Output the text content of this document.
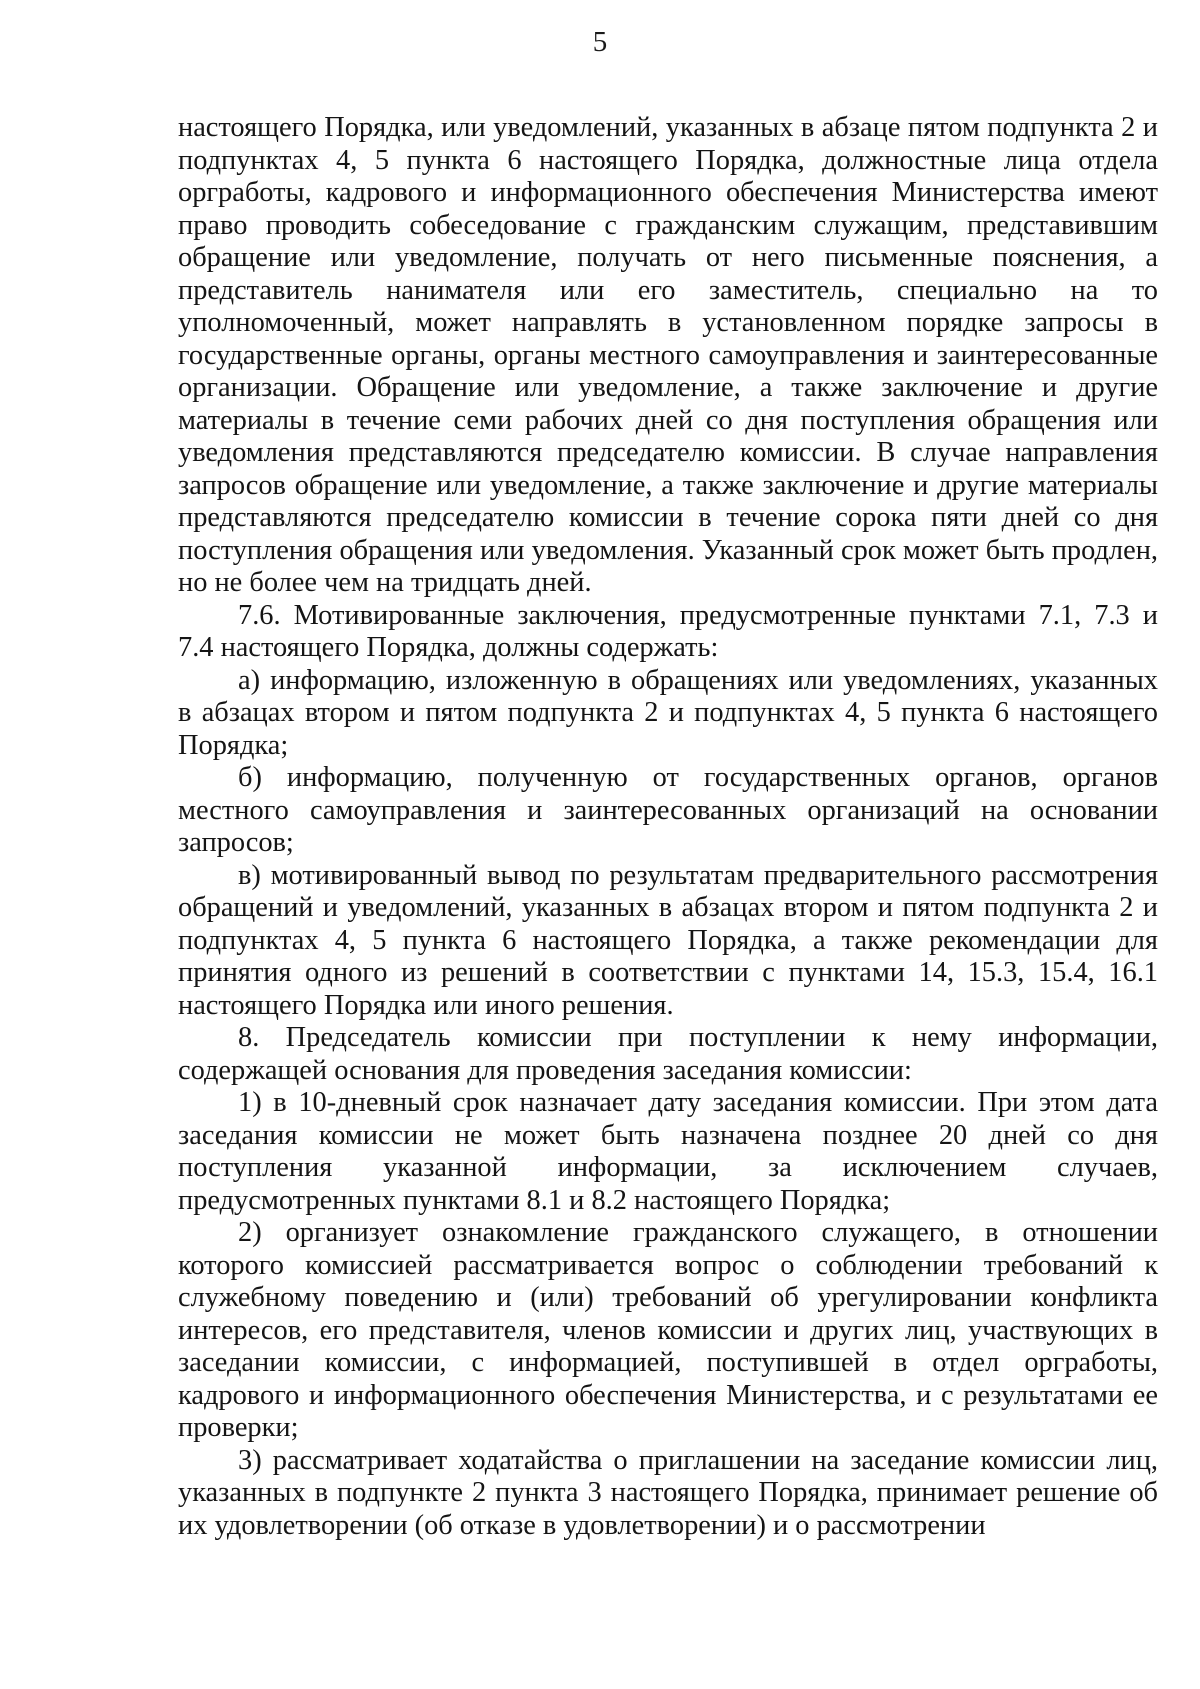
5

настоящего Порядка, или уведомлений, указанных в абзаце пятом подпункта 2 и подпунктах 4, 5 пункта 6 настоящего Порядка, должностные лица отдела оргработы, кадрового и информационного обеспечения Министерства имеют право проводить собеседование с гражданским служащим, представившим обращение или уведомление, получать от него письменные пояснения, а представитель нанимателя или его заместитель, специально на то уполномоченный, может направлять в установленном порядке запросы в государственные органы, органы местного самоуправления и заинтересованные организации. Обращение или уведомление, а также заключение и другие материалы в течение семи рабочих дней со дня поступления обращения или уведомления представляются председателю комиссии. В случае направления запросов обращение или уведомление, а также заключение и другие материалы представляются председателю комиссии в течение сорока пяти дней со дня поступления обращения или уведомления. Указанный срок может быть продлен, но не более чем на тридцать дней.

7.6. Мотивированные заключения, предусмотренные пунктами 7.1, 7.3 и 7.4 настоящего Порядка, должны содержать:

а) информацию, изложенную в обращениях или уведомлениях, указанных в абзацах втором и пятом подпункта 2 и подпунктах 4, 5 пункта 6 настоящего Порядка;

б) информацию, полученную от государственных органов, органов местного самоуправления и заинтересованных организаций на основании запросов;

в) мотивированный вывод по результатам предварительного рассмотрения обращений и уведомлений, указанных в абзацах втором и пятом подпункта 2 и подпунктах 4, 5 пункта 6 настоящего Порядка, а также рекомендации для принятия одного из решений в соответствии с пунктами 14, 15.3, 15.4, 16.1 настоящего Порядка или иного решения.

8. Председатель комиссии при поступлении к нему информации, содержащей основания для проведения заседания комиссии:

1) в 10-дневный срок назначает дату заседания комиссии. При этом дата заседания комиссии не может быть назначена позднее 20 дней со дня поступления указанной информации, за исключением случаев, предусмотренных пунктами 8.1 и 8.2 настоящего Порядка;

2) организует ознакомление гражданского служащего, в отношении которого комиссией рассматривается вопрос о соблюдении требований к служебному поведению и (или) требований об урегулировании конфликта интересов, его представителя, членов комиссии и других лиц, участвующих в заседании комиссии, с информацией, поступившей в отдел оргработы, кадрового и информационного обеспечения Министерства, и с результатами ее проверки;

3) рассматривает ходатайства о приглашении на заседание комиссии лиц, указанных в подпункте 2 пункта 3 настоящего Порядка, принимает решение об их удовлетворении (об отказе в удовлетворении) и о рассмотрении
